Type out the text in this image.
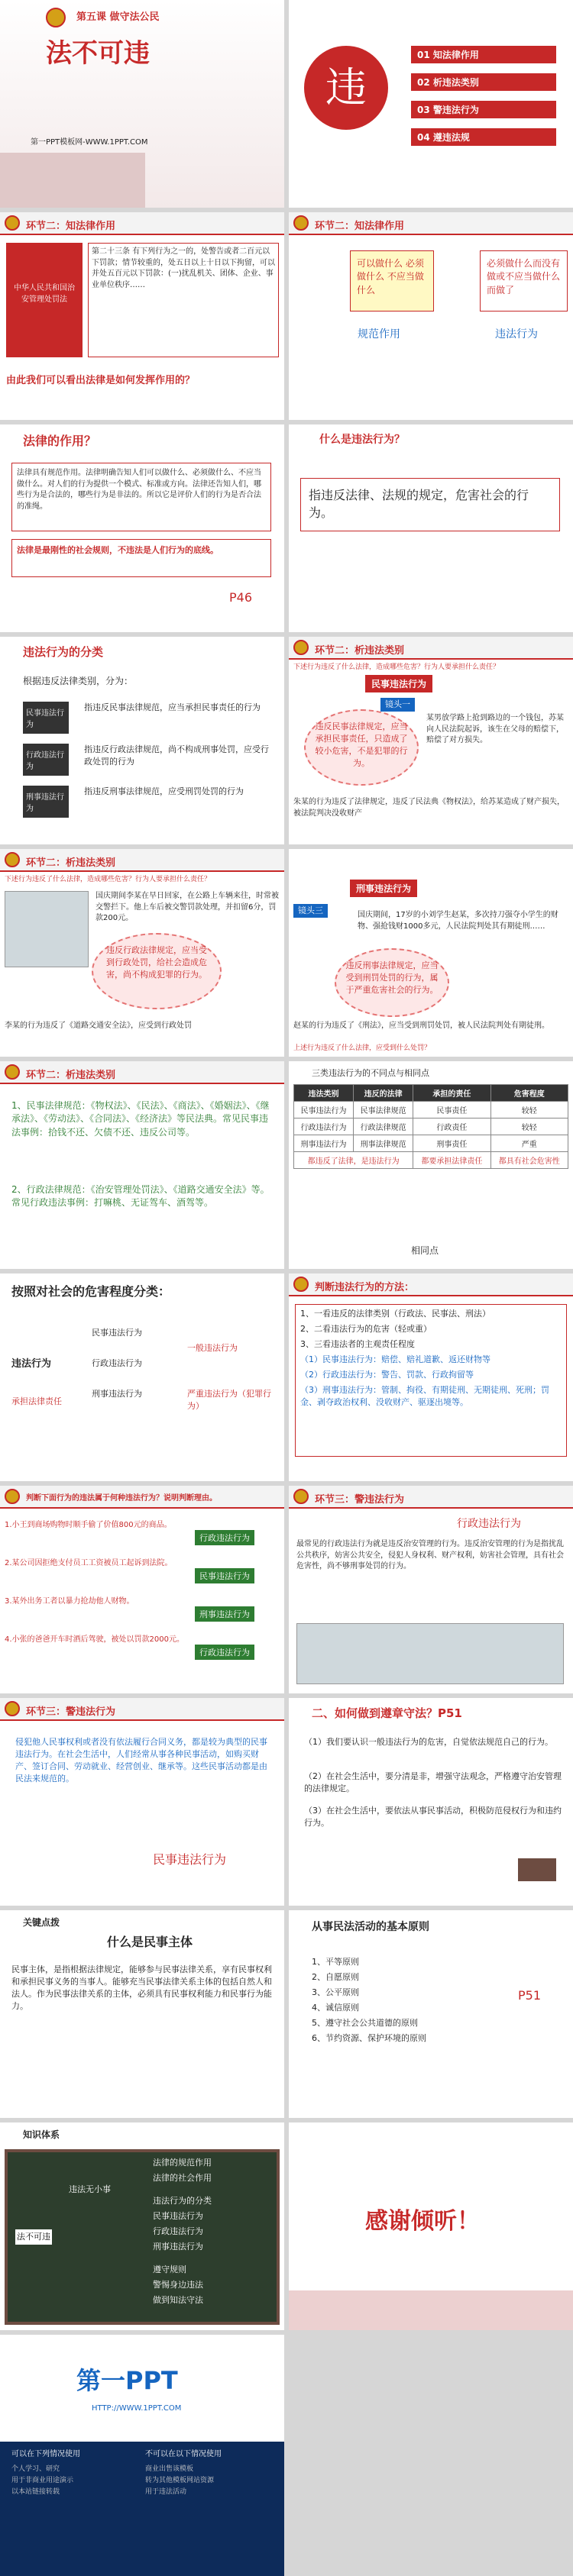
第五课 做守法公民
法不可违
第一PPT模板网-WWW.1PPT.COM
违
01 知法律作用
02 析违法类别
03 警违法行为
04 遵违法规
环节二：知法律作用
中华人民共和国治安管理处罚法
第二十三条 有下列行为之一的，处警告或者二百元以下罚款；情节较重的，处五日以上十日以下拘留，可以并处五百元以下罚款：(一)扰乱机关、团体、企业、事业单位秩序……
由此我们可以看出法律是如何发挥作用的？
环节二：知法律作用
可以做什么 必须做什么 不应当做什么
必须做什么而没有做或不应当做什么而做了
规范作用	违法行为
法律的作用？
法律具有规范作用。法律明确告知人们可以做什么、必须做什么、不应当做什么。对人们的行为提供一个模式、标准或方向。法律还告知人们，哪些行为是合法的，哪些行为是非法的。所以它是评价人们的行为是否合法的准绳。
法律是最刚性的社会规则，不违法是人们行为的底线。
P46
什么是违法行为？
指违反法律、法规的规定，危害社会的行为。
违法行为的分类
根据违反法律类别，分为：
民事违法行为
指违反民事法律规范，应当承担民事责任的行为
行政违法行为
指违反行政法律规范，尚不构成刑事处罚，应受行政处罚的行为
刑事违法行为
指违反刑事法律规范，应受刑罚处罚的行为
环节二：析违法类别
下述行为违反了什么法律，造成哪些危害？行为人要承担什么责任？
民事违法行为
镜头一
某男放学路上抢到路边的一个钱包，苏某向人民法院起诉，该生在父母的赔偿下，赔偿了对方损失。
违反民事法律规定，应当承担民事责任，只造成了较小危害，不是犯罪的行为。
朱某的行为违反了法律规定，违反了民法典《物权法》，给苏某造成了财产损失，被法院判决没收财产
环节二：析违法类别
下述行为违反了什么法律，造成哪些危害？行为人要承担什么责任？
国庆期间李某在早日回家，在公路上车辆来往，时常被交警拦下。他上车后被交警罚款处理，并扣留6分，罚款200元。
违反行政法律规定，应当受到行政处罚，给社会造成危害，尚不构成犯罪的行为。
李某的行为违反了《道路交通安全法》，应受到行政处罚
刑事违法行为
镜头三	国庆期间，17岁的小刘学生赵某，多次持刀强夺小学生的财物、强抢钱财1000多元，人民法院判处其有期徒刑……
违反刑事法律规定，应当受到刑罚处罚的行为，属于严重危害社会的行为。
赵某的行为违反了《刑法》，应当受到刑罚处罚，被人民法院判处有期徒刑。
上述行为违反了什么法律，应受到什么处罚？
环节二：析违法类别
1、民事法律规范：《物权法》、《民法》、《商法》、《婚姻法》、《继承法》、《劳动法》、《合同法》、《经济法》等民法典。常见民事违法事例：拾钱不还、欠债不还、违反公司等。
2、行政法律规范：《治安管理处罚法》、《道路交通安全法》等。常见行政违法事例：打嘛桃、无证驾车、酒驾等。
三类违法行为的不同点与相同点
违法类别	违反的法律	承担的责任	危害程度
民事违法行为	民事法律规范	民事责任	较轻
行政违法行为	行政法律规范	行政责任	较轻
刑事违法行为	刑事法律规范	刑事责任	严重
都违反了法律，是违法行为		都要承担法律责任	都具有社会危害性
相同点
按照对社会的危害程度分类：
违法行为
民事违法行为
行政违法行为
刑事违法行为
一般违法行为
严重违法行为（犯罪行为）
承担法律责任
判断违法行为的方法：
1、一看违反的法律类别（行政法、民事法、刑法）
2、二看违法行为的危害（轻或重）
3、三看违法者的主观责任程度
（1）民事违法行为：赔偿、赔礼道歉、返还财物等
（2）行政违法行为：警告、罚款、行政拘留等
（3）刑事违法行为：管制、拘役、有期徒刑、无期徒刑、死刑；罚金、剥夺政治权利、没收财产、驱逐出境等。
判断下面行为的违法属于何种违法行为？说明判断理由。
1.小王到商场购物时顺手偷了价值800元的商品。
行政违法行为
2.某公司因拒绝支付员工工资被员工起诉到法院。
民事违法行为
3.某外出务工者以暴力抢劫他人财物。
刑事违法行为
4.小张的爸爸开车时酒后驾驶，被处以罚款2000元。
行政违法行为
环节三：警违法行为
行政违法行为
最常见的行政违法行为就是违反治安管理的行为。违反治安管理的行为是指扰乱公共秩序，妨害公共安全，侵犯人身权利、财产权利，妨害社会管理，具有社会危害性，尚不够刑事处罚的行为。
环节三：警违法行为
侵犯他人民事权利或者没有依法履行合同义务，都是较为典型的民事违法行为。在社会生活中，人们经常从事各种民事活动，如购买财产、签订合同、劳动就业、经营创业、继承等。这些民事活动都是由民法来规范的。
民事违法行为
二、如何做到遵章守法？P51
（1）我们要认识一般违法行为的危害，自觉依法规范自己的行为。
（2）在社会生活中，要分清是非，增强守法观念，严格遵守治安管理的法律规定。
（3）在社会生活中，要依法从事民事活动，积极防范侵权行为和违约行为。
关键点拨
什么是民事主体
民事主体，是指根据法律规定，能够参与民事法律关系，享有民事权利和承担民事义务的当事人。能够充当民事法律关系主体的包括自然人和法人。作为民事法律关系的主体，必须具有民事权利能力和民事行为能力。
从事民法活动的基本原则
P51
1、平等原则
2、自愿原则
3、公平原则
4、诚信原则
5、遵守社会公共道德的原则
6、节约资源、保护环境的原则
知识体系
法不可违
违法无小事
法律的规范作用
法律的社会作用
违法行为的分类
民事违法行为
行政违法行为
刑事违法行为
遵守规则
警惕身边违法
做到知法守法
感谢倾听！
第一PPT
HTTP://WWW.1PPT.COM
可以在下列情况使用	不可以在以下情况使用
个人学习、研究
用于非商业用途演示
以本站链接转载
商业出售该模板
转为其他模板网站资源
用于违法活动
